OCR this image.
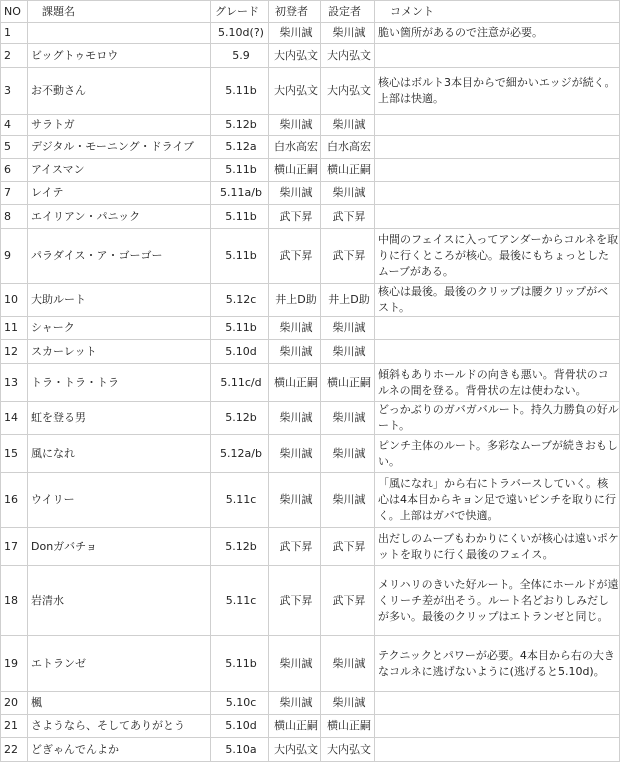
NO	課題名	グレード	初登者	設定者	コメント
1		5.10d(?)	柴川誠	柴川誠	脆い箇所があるので注意が必要。
2	ビッグトゥモロウ	5.9	大内弘文	大内弘文	
3	お不動さん	5.11b	大内弘文	大内弘文	核心はボルト3本目からで細かいエッジが続く。上部は快適。
4	サラトガ	5.12b	柴川誠	柴川誠	
5	デジタル・モーニング・ドライブ	5.12a	白水高宏	白水高宏	
6	アイスマン	5.11b	横山正嗣	横山正嗣	
7	レイテ	5.11a/b	柴川誠	柴川誠	
8	エイリアン・パニック	5.11b	武下昇	武下昇	
9	パラダイス・ア・ゴーゴー	5.11b	武下昇	武下昇	中間のフェイスに入ってアンダーからコルネを取りに行くところが核心。最後にもちょっとしたムーブがある。
10	大助ルート	5.12c	井上D助	井上D助	核心は最後。最後のクリップは腰クリップがベスト。
11	シャーク	5.11b	柴川誠	柴川誠	
12	スカーレット	5.10d	柴川誠	柴川誠	
13	トラ・トラ・トラ	5.11c/d	横山正嗣	横山正嗣	傾斜もありホールドの向きも悪い。背骨状のコルネの間を登る。背骨状の左は使わない。
14	虹を登る男	5.12b	柴川誠	柴川誠	どっかぶりのガバガバルート。持久力勝負の好ルート。
15	風になれ	5.12a/b	柴川誠	柴川誠	ピンチ主体のルート。多彩なムーブが続きおもしい。
16	ウイリー	5.11c	柴川誠	柴川誠	「風になれ」から右にトラバースしていく。核心は4本目からキョン足で遠いピンチを取りに行く。上部はガバで快適。
17	Donガバチョ	5.12b	武下昇	武下昇	出だしのムーブもわかりにくいが核心は遠いポケットを取りに行く最後のフェイス。
18	岩清水	5.11c	武下昇	武下昇	メリハリのきいた好ルート。全体にホールドが遠くリーチ差が出そう。ルート名どおりしみだしが多い。最後のクリップはエトランゼと同じ。
19	エトランゼ	5.11b	柴川誠	柴川誠	テクニックとパワーが必要。4本目から右の大きなコルネに逃げないように(逃げると5.10d)。
20	楓	5.10c	柴川誠	柴川誠	
21	さようなら、そしてありがとう	5.10d	横山正嗣	横山正嗣	
22	どぎゃんでんよか	5.10a	大内弘文	大内弘文	
